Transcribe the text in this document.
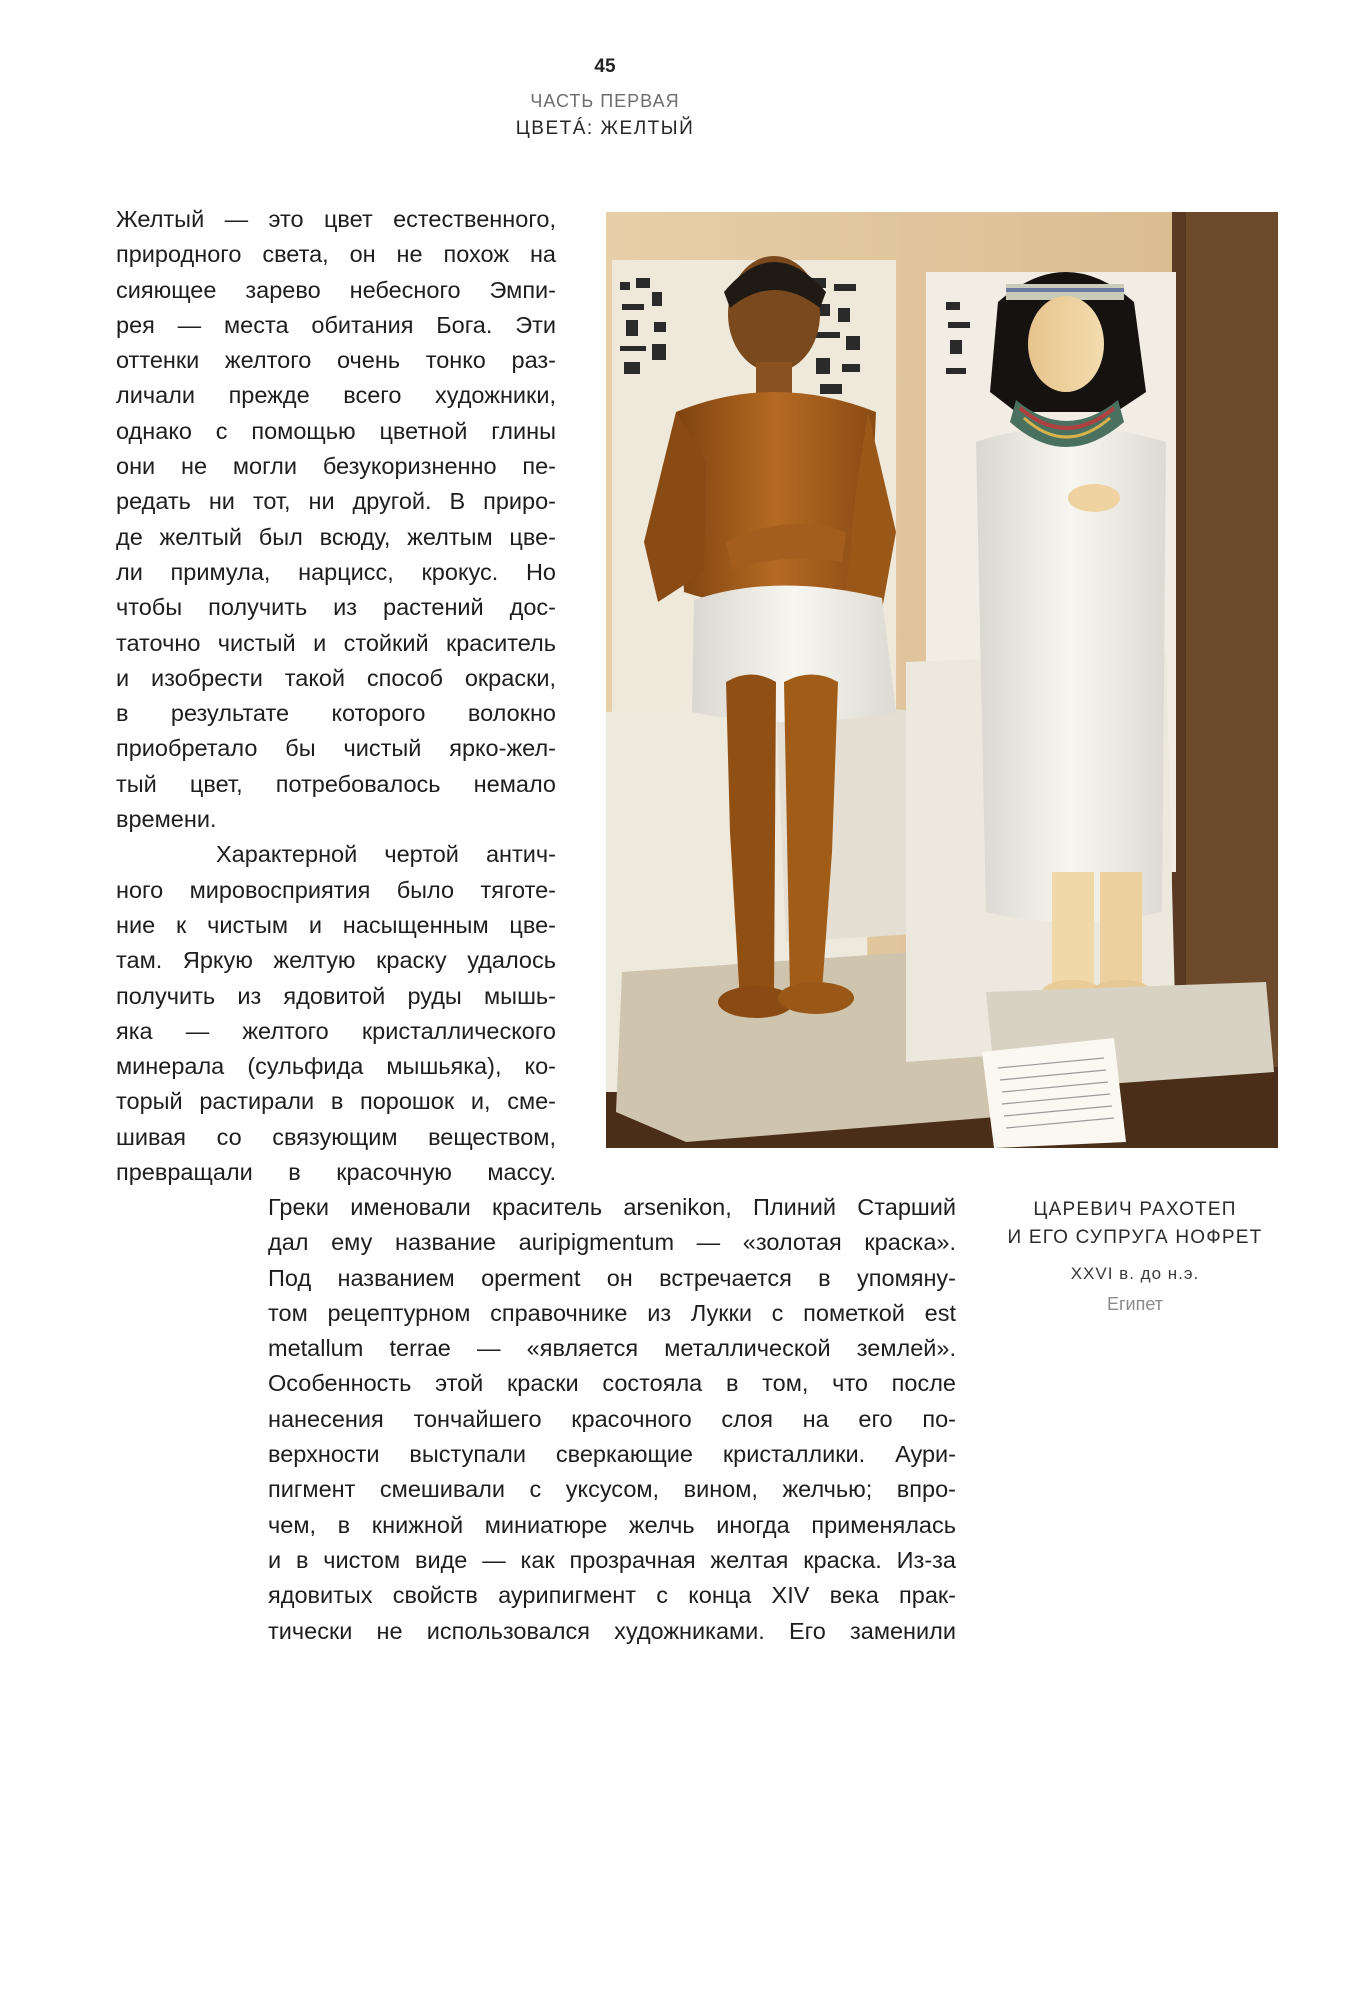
45
ЧАСТЬ ПЕРВАЯ
ЦВЕТÁ: ЖЕЛТЫЙ
Желтый — это цвет естественного,
природного света, он не похож на
сияющее зарево небесного Эмпи-
рея — места обитания Бога. Эти
оттенки желтого очень тонко раз-
личали прежде всего художники,
однако с помощью цветной глины
они не могли безукоризненно пе-
редать ни тот, ни другой. В приро-
де желтый был всюду, желтым цве-
ли примула, нарцисс, крокус. Но
чтобы получить из растений дос-
таточно чистый и стойкий краситель
и изобрести такой способ окраски,
в результате которого волокно
приобретало бы чистый ярко-жел-
тый цвет, потребовалось немало
времени.
Характерной чертой антич-
ного мировосприятия было тяготе-
ние к чистым и насыщенным цве-
там. Яркую желтую краску удалось
получить из ядовитой руды мышь-
яка — желтого кристаллического
минерала (сульфида мышьяка), ко-
торый растирали в порошок и, сме-
шивая со связующим веществом,
превращали в красочную массу.
ЦАРЕВИЧ РАХОТЕП
И ЕГО СУПРУГА НОФРЕТ
XXVI в. до н.э.
Египет
Греки именовали краситель arsenikon, Плиний Старший
дал ему название auripigmentum — «золотая краска».
Под названием operment он встречается в упомяну-
том рецептурном справочнике из Лукки с пометкой est
metallum terrae — «является металлической землей».
Особенность этой краски состояла в том, что после
нанесения тончайшего красочного слоя на его по-
верхности выступали сверкающие кристаллики. Аури-
пигмент смешивали с уксусом, вином, желчью; впро-
чем, в книжной миниатюре желчь иногда применялась
и в чистом виде — как прозрачная желтая краска. Из-за
ядовитых свойств аурипигмент с конца XIV века прак-
тически не использовался художниками. Его заменили
